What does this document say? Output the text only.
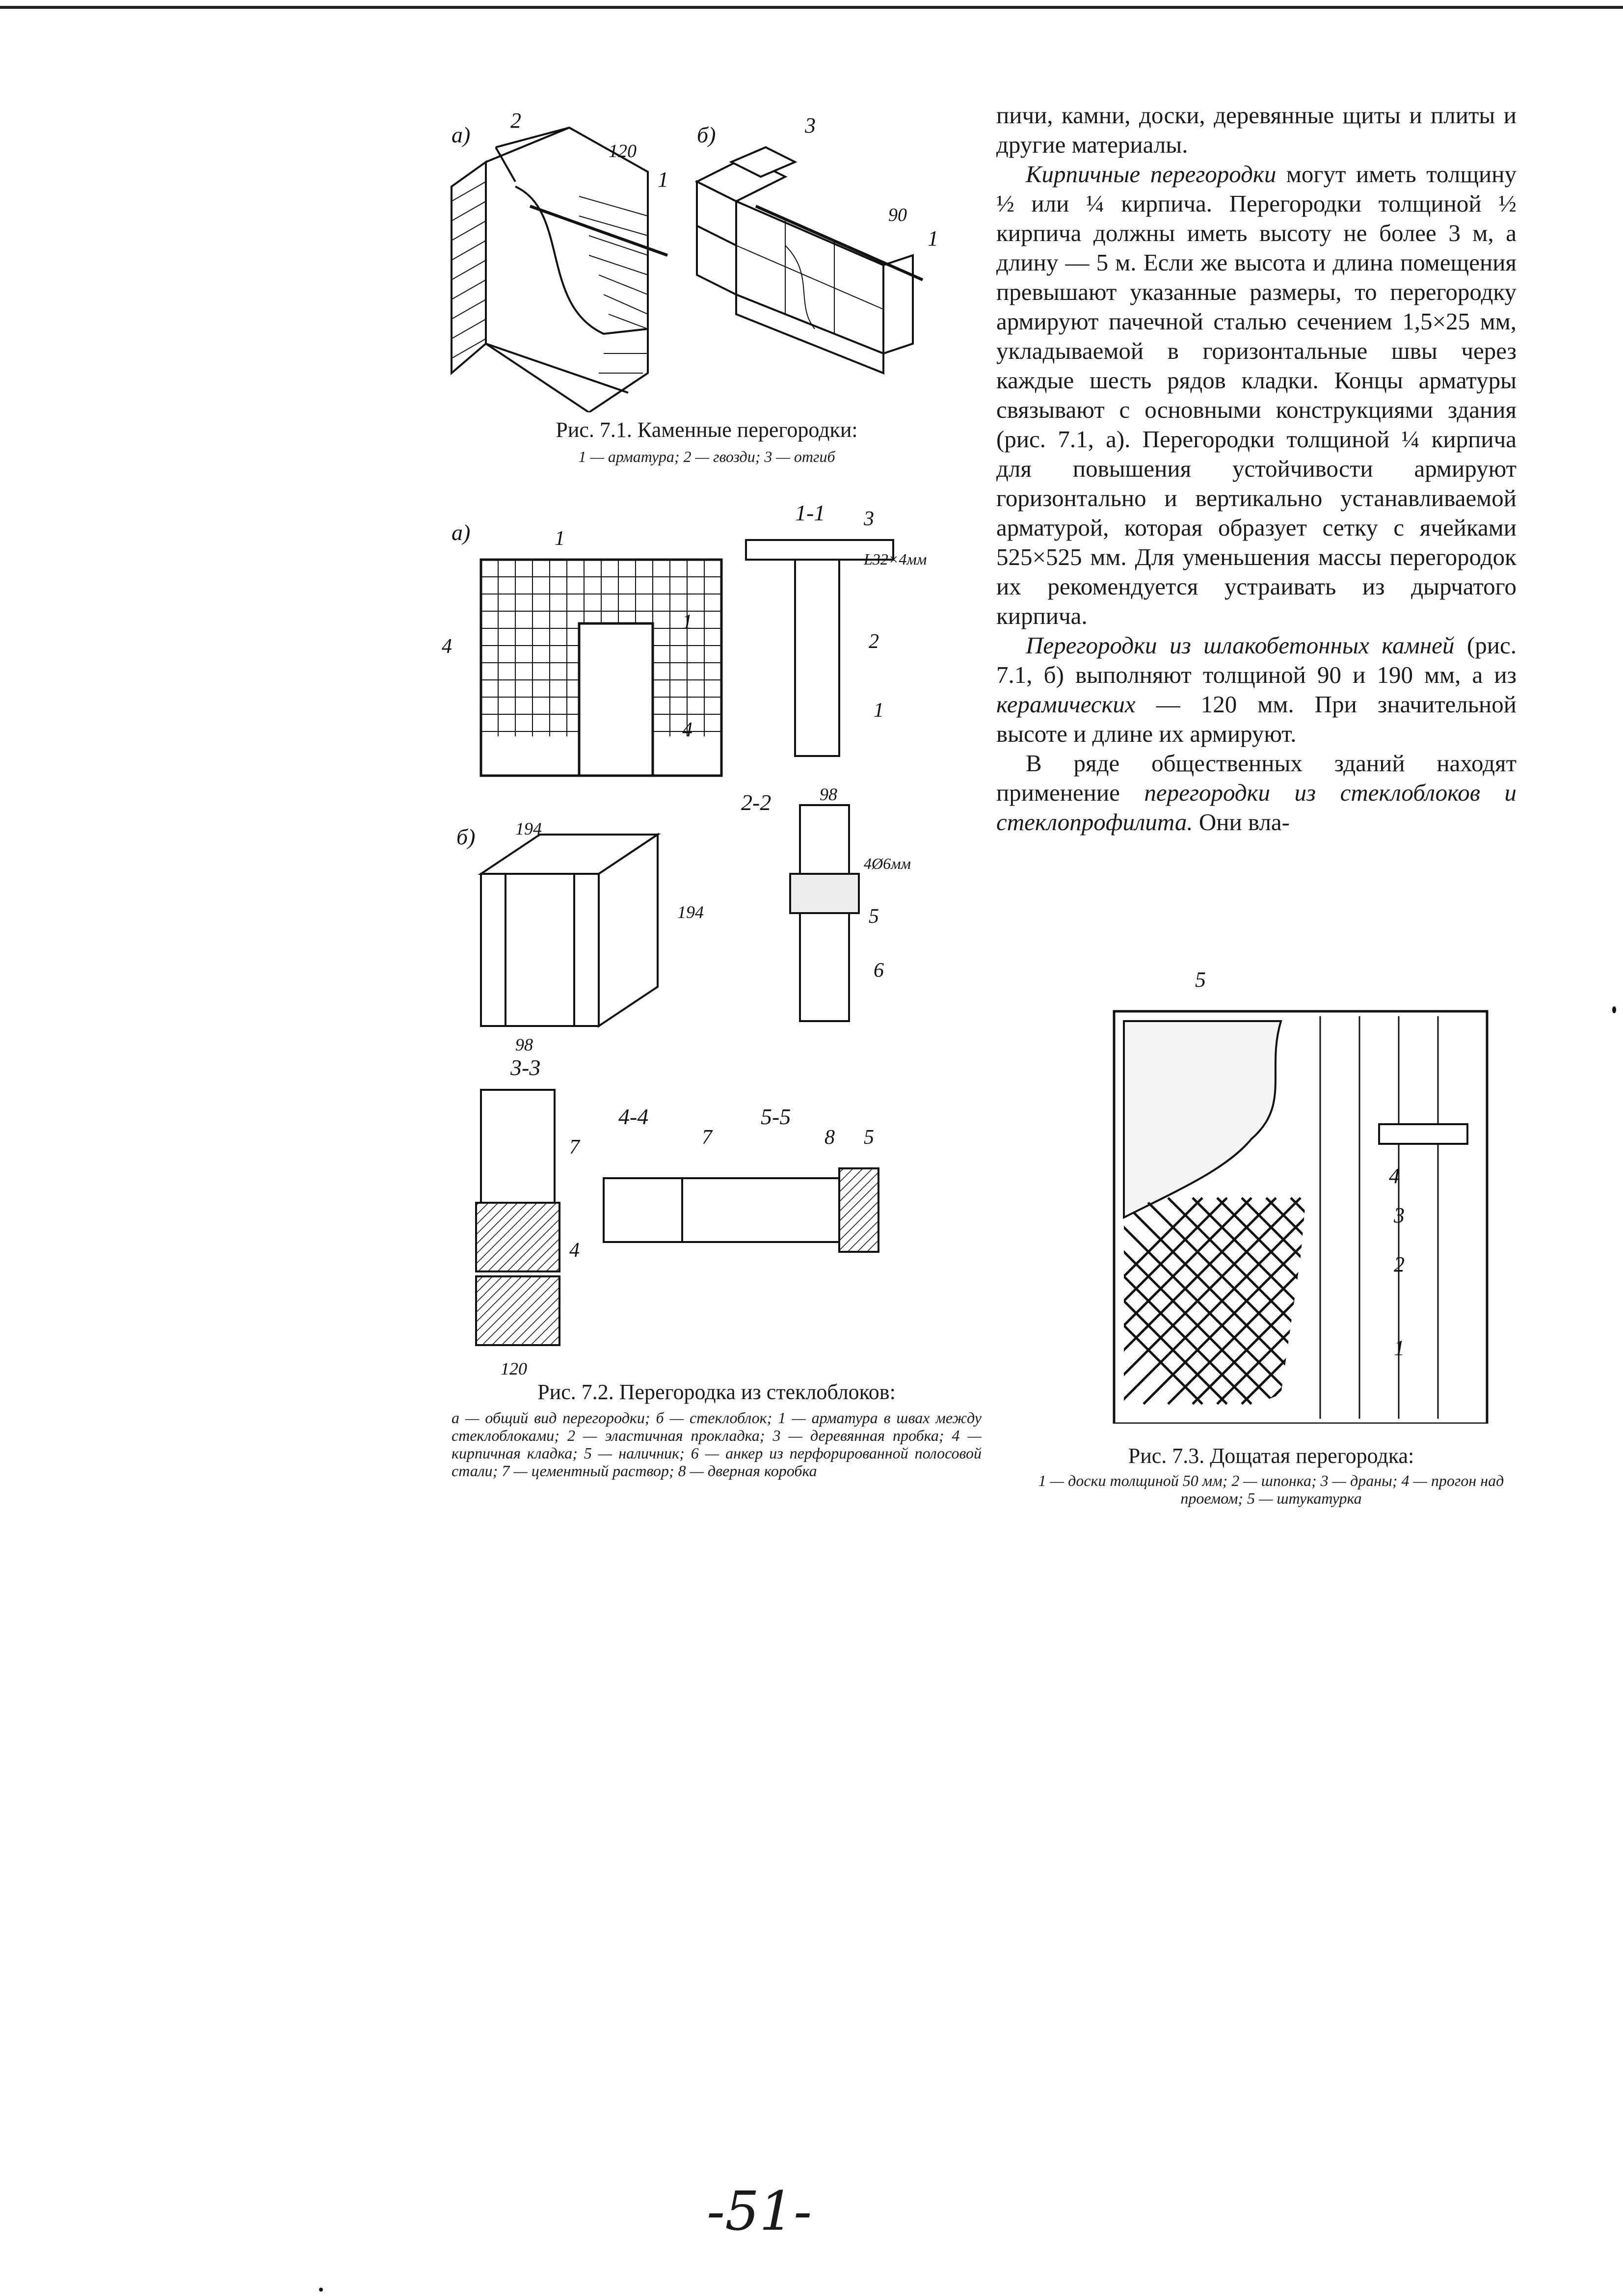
а)	б)
2
120
1
3
90
1
Рис. 7.1. Каменные перегородки:
1 — арматура; 2 — гвозди; 3 — отгиб
а)
1
4
4
1
1-1 3
L32×4мм
2
1
2-2	98
4Ø6мм
5
6
б) 194
194
98
3-3
120
7
4
4-4	5-5
7	8 5
Рис. 7.2. Перегородка из стеклоблоков:
а — общий вид перегородки; б — стеклоблок; 1 — арматура в швах между стеклоблоками; 2 — эластичная прокладка; 3 — деревянная пробка; 4 — кирпичная кладка; 5 — наличник; 6 — анкер из перфорированной полосовой стали; 7 — цементный раствор; 8 — дверная коробка
5
4
3
2
1
Рис. 7.3. Дощатая перегородка:
1 — доски толщиной 50 мм; 2 — шпонка; 3 — драны; 4 — прогон над проемом; 5 — штукатурка

пичи, камни, доски, деревянные щиты и плиты и другие материалы.

Кирпичные перегородки могут иметь толщину ½ или ¼ кирпича. Перегородки толщиной ½ кирпича должны иметь высоту не более 3 м, а длину — 5 м. Если же высота и длина помещения превышают указанные размеры, то перегородку армируют пачечной сталью сечением 1,5×25 мм, укладываемой в горизонтальные швы через каждые шесть рядов кладки. Концы арматуры связывают с основными конструкциями здания (рис. 7.1, а). Перегородки толщиной ¼ кирпича для повышения устойчивости армируют горизонтально и вертикально устанавливаемой арматурой, которая образует сетку с ячейками 525×525 мм. Для уменьшения массы перегородок их рекомендуется устраивать из дырчатого кирпича.

Перегородки из шлакобетонных камней (рис. 7.1, б) выполняют толщиной 90 и 190 мм, а из керамических — 120 мм. При значительной высоте и длине их армируют.

В ряде общественных зданий находят применение перегородки из стеклоблоков и стеклопрофилита. Они вла-

-51-
